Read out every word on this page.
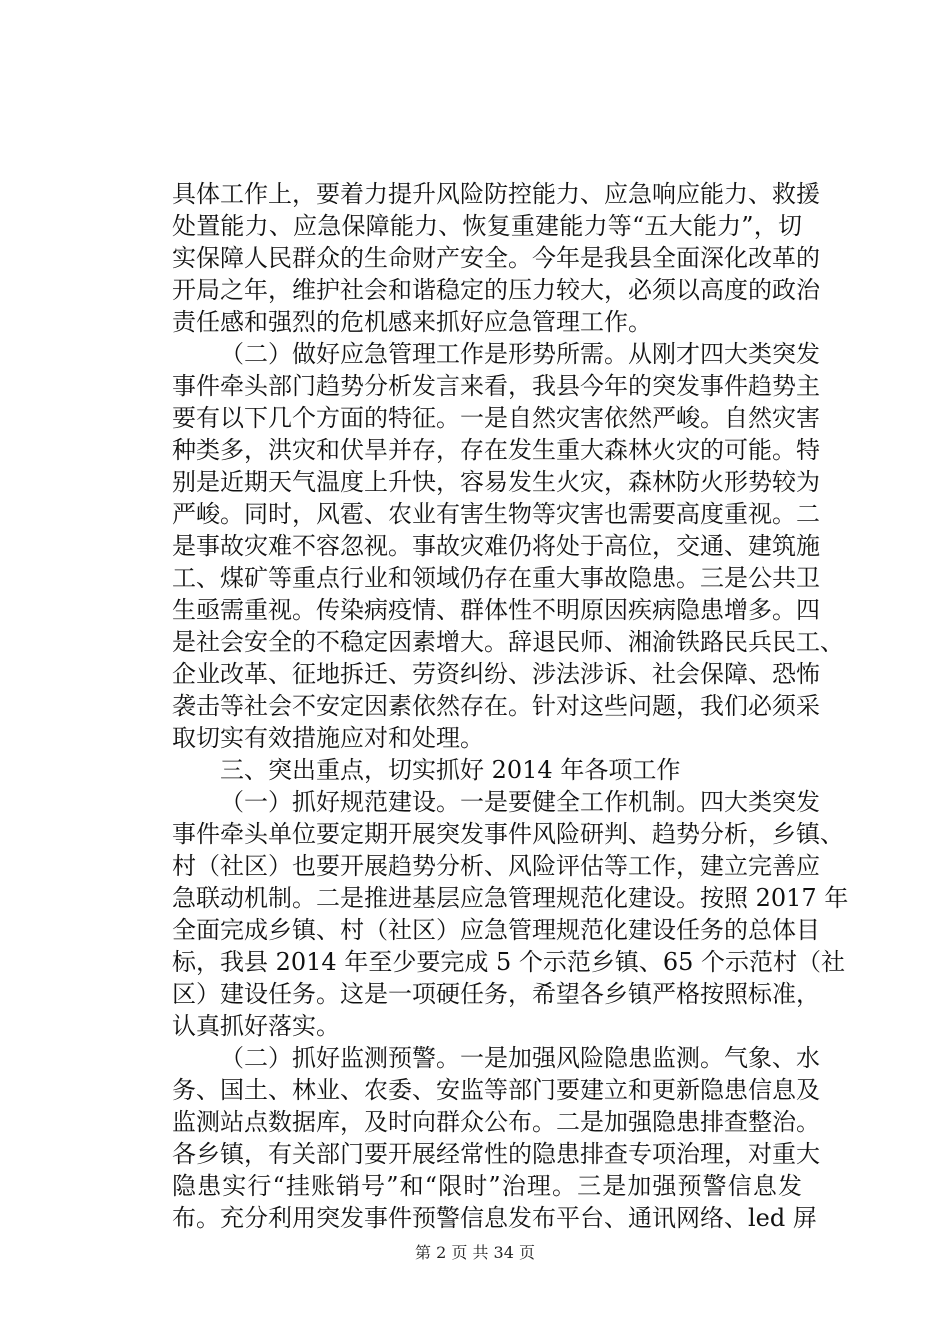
具体工作上，要着力提升风险防控能力、应急响应能力、救援
处置能力、应急保障能力、恢复重建能力等“五大能力”，切
实保障人民群众的生命财产安全。今年是我县全面深化改革的
开局之年，维护社会和谐稳定的压力较大，必须以高度的政治
责任感和强烈的危机感来抓好应急管理工作。
（二）做好应急管理工作是形势所需。从刚才四大类突发
事件牵头部门趋势分析发言来看，我县今年的突发事件趋势主
要有以下几个方面的特征。一是自然灾害依然严峻。自然灾害
种类多，洪灾和伏旱并存，存在发生重大森林火灾的可能。特
别是近期天气温度上升快，容易发生火灾，森林防火形势较为
严峻。同时，风雹、农业有害生物等灾害也需要高度重视。二
是事故灾难不容忽视。事故灾难仍将处于高位，交通、建筑施
工、煤矿等重点行业和领域仍存在重大事故隐患。三是公共卫
生亟需重视。传染病疫情、群体性不明原因疾病隐患增多。四
是社会安全的不稳定因素增大。辞退民师、湘渝铁路民兵民工、
企业改革、征地拆迁、劳资纠纷、涉法涉诉、社会保障、恐怖
袭击等社会不安定因素依然存在。针对这些问题，我们必须采
取切实有效措施应对和处理。
三、突出重点，切实抓好 2014 年各项工作
（一）抓好规范建设。一是要健全工作机制。四大类突发
事件牵头单位要定期开展突发事件风险研判、趋势分析，乡镇、
村（社区）也要开展趋势分析、风险评估等工作，建立完善应
急联动机制。二是推进基层应急管理规范化建设。按照 2017 年
全面完成乡镇、村（社区）应急管理规范化建设任务的总体目
标，我县 2014 年至少要完成 5 个示范乡镇、65 个示范村（社
区）建设任务。这是一项硬任务，希望各乡镇严格按照标准，
认真抓好落实。
（二）抓好监测预警。一是加强风险隐患监测。气象、水
务、国土、林业、农委、安监等部门要建立和更新隐患信息及
监测站点数据库，及时向群众公布。二是加强隐患排查整治。
各乡镇，有关部门要开展经常性的隐患排查专项治理，对重大
隐患实行“挂账销号”和“限时”治理。三是加强预警信息发
布。充分利用突发事件预警信息发布平台、通讯网络、led 屏
第 2 页 共 34 页
